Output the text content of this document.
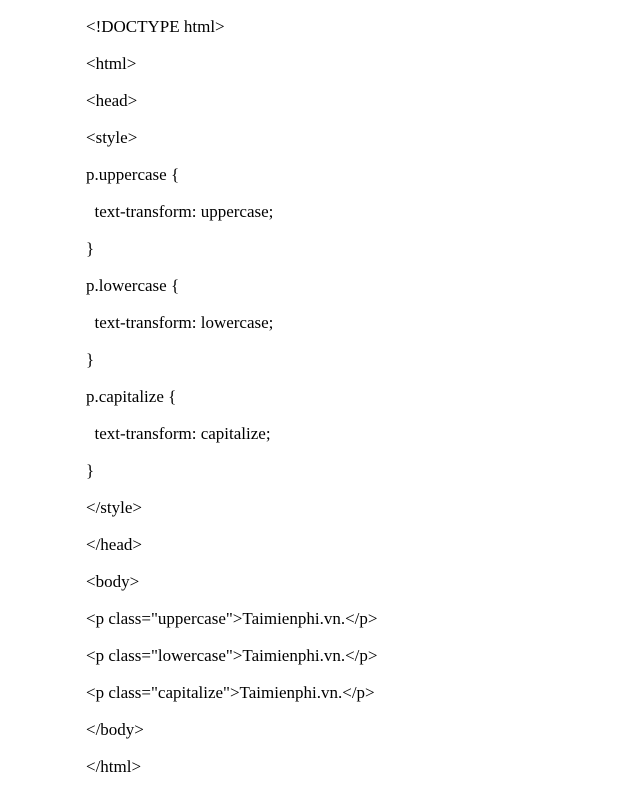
<!DOCTYPE html>
<html>
<head>
<style>
p.uppercase {
text-transform: uppercase;
}
p.lowercase {
text-transform: lowercase;
}
p.capitalize {
text-transform: capitalize;
}
</style>
</head>
<body>
<p class="uppercase">Taimienphi.vn.</p>
<p class="lowercase">Taimienphi.vn.</p>
<p class="capitalize">Taimienphi.vn.</p>
</body>
</html>
